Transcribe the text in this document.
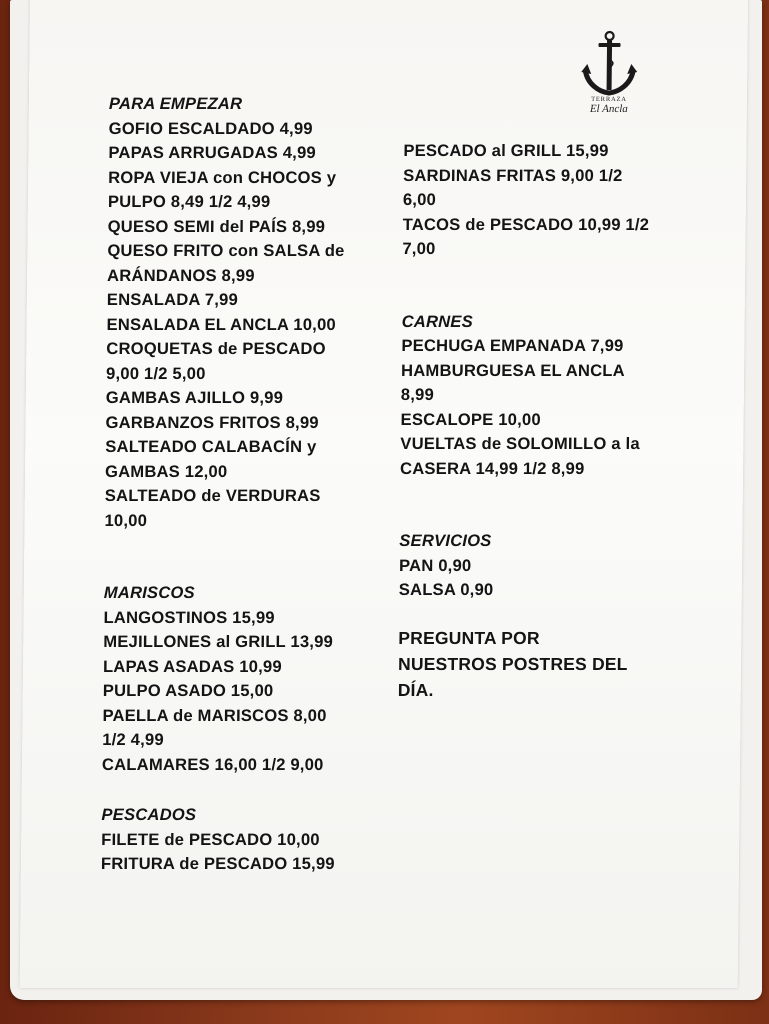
TERRAZA
El Ancla

PARA EMPEZAR

GOFIO ESCALDADO 4,99

PAPAS ARRUGADAS 4,99

ROPA VIEJA con CHOCOS y

PULPO 8,49 1/2 4,99

QUESO SEMI del PAÍS 8,99

QUESO FRITO con SALSA de

ARÁNDANOS 8,99

ENSALADA 7,99

ENSALADA EL ANCLA 10,00

CROQUETAS de PESCADO

9,00 1/2 5,00

GAMBAS AJILLO 9,99

GARBANZOS FRITOS 8,99

SALTEADO CALABACÍN y

GAMBAS 12,00

SALTEADO de VERDURAS

10,00

MARISCOS

LANGOSTINOS 15,99

MEJILLONES al GRILL 13,99

LAPAS ASADAS 10,99

PULPO ASADO 15,00

PAELLA de MARISCOS 8,00

1/2 4,99

CALAMARES 16,00 1/2 9,00

PESCADOS

FILETE de PESCADO 10,00

FRITURA de PESCADO 15,99

PESCADO al GRILL 15,99

SARDINAS FRITAS 9,00 1/2

6,00

TACOS de PESCADO 10,99 1/2

7,00

CARNES

PECHUGA EMPANADA 7,99

HAMBURGUESA EL ANCLA

8,99

ESCALOPE 10,00

VUELTAS de SOLOMILLO a la

CASERA 14,99 1/2 8,99

SERVICIOS

PAN 0,90

SALSA 0,90

PREGUNTA POR

NUESTROS POSTRES DEL

DÍA.
